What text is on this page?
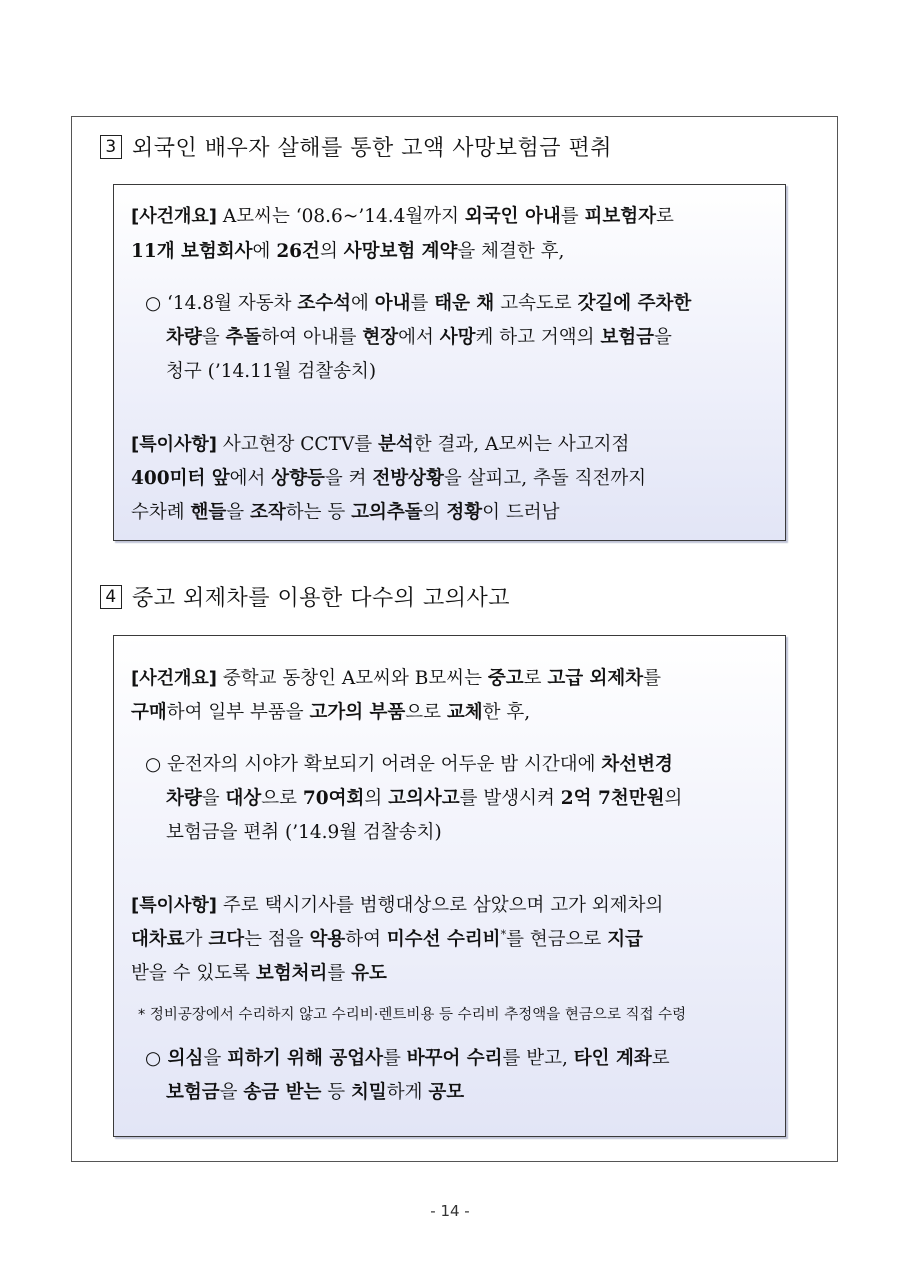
3 외국인 배우자 살해를 통한 고액 사망보험금 편취
[사건개요] A모씨는 ‘08.6~’14.4월까지 외국인 아내를 피보험자로
11개 보험회사에 26건의 사망보험 계약을 체결한 후,
○ ‘14.8월 자동차 조수석에 아내를 태운 채 고속도로 갓길에 주차한
차량을 추돌하여 아내를 현장에서 사망케 하고 거액의 보험금을
청구 (’14.11월 검찰송치)
[특이사항] 사고현장 CCTV를 분석한 결과, A모씨는 사고지점
400미터 앞에서 상향등을 켜 전방상황을 살피고, 추돌 직전까지
수차례 핸들을 조작하는 등 고의추돌의 정황이 드러남
4 중고 외제차를 이용한 다수의 고의사고
[사건개요] 중학교 동창인 A모씨와 B모씨는 중고로 고급 외제차를
구매하여 일부 부품을 고가의 부품으로 교체한 후,
○ 운전자의 시야가 확보되기 어려운 어두운 밤 시간대에 차선변경
차량을 대상으로 70여회의 고의사고를 발생시켜 2억 7천만원의
보험금을 편취 (’14.9월 검찰송치)
[특이사항] 주로 택시기사를 범행대상으로 삼았으며 고가 외제차의
대차료가 크다는 점을 악용하여 미수선 수리비*를 현금으로 지급
받을 수 있도록 보험처리를 유도
* 정비공장에서 수리하지 않고 수리비·렌트비용 등 수리비 추정액을 현금으로 직접 수령
○ 의심을 피하기 위해 공업사를 바꾸어 수리를 받고, 타인 계좌로
보험금을 송금 받는 등 치밀하게 공모
- 14 -
